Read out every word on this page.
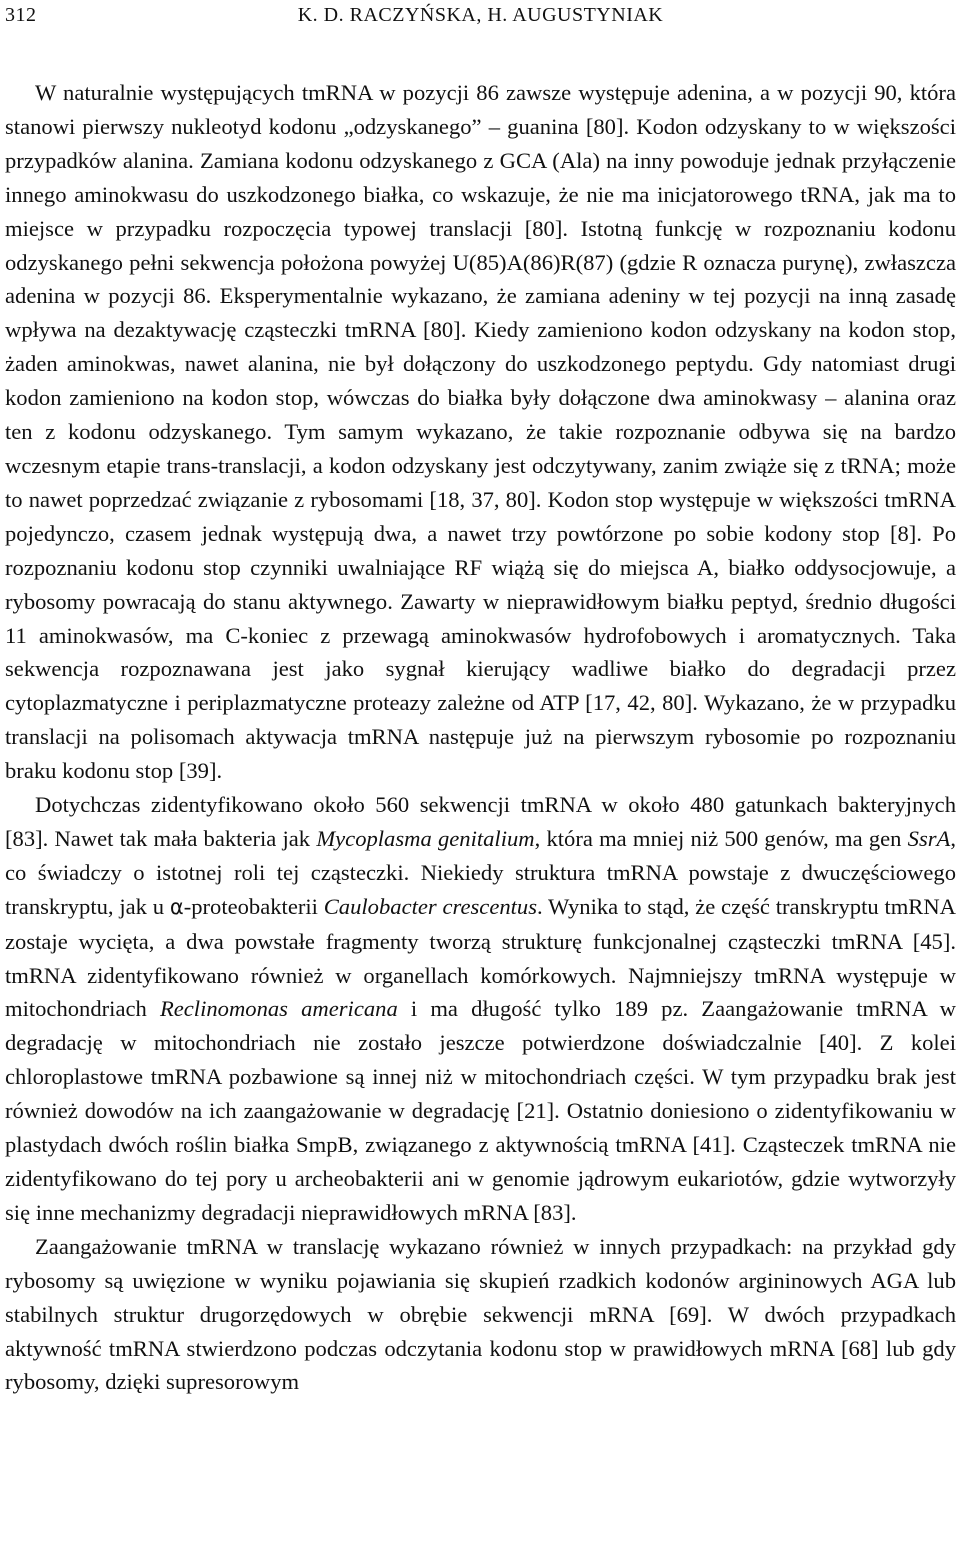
312	K. D. RACZYŃSKA, H. AUGUSTYNIAK

W naturalnie występujących tmRNA w pozycji 86 zawsze występuje adenina, a w pozycji 90, która stanowi pierwszy nukleotyd kodonu „odzyskanego” – guanina [80]. Kodon odzyskany to w większości przypadków alanina. Zamiana kodonu odzyskanego z GCA (Ala) na inny powoduje jednak przyłączenie innego aminokwasu do uszkodzonego białka, co wskazuje, że nie ma inicjatorowego tRNA, jak ma to miejsce w przypadku rozpoczęcia typowej translacji [80]. Istotną funkcję w rozpoznaniu kodonu odzyskanego pełni sekwencja położona powyżej U(85)A(86)R(87) (gdzie R oznacza purynę), zwłaszcza adenina w pozycji 86. Eksperymentalnie wykazano, że zamiana adeniny w tej pozycji na inną zasadę wpływa na dezaktywację cząsteczki tmRNA [80]. Kiedy zamieniono kodon odzyskany na kodon stop, żaden aminokwas, nawet alanina, nie był dołączony do uszkodzonego peptydu. Gdy natomiast drugi kodon zamieniono na kodon stop, wówczas do białka były dołączone dwa aminokwasy – alanina oraz ten z kodonu odzyskanego. Tym samym wykazano, że takie rozpoznanie odbywa się na bardzo wczesnym etapie trans-translacji, a kodon odzyskany jest odczytywany, zanim zwiąże się z tRNA; może to nawet poprzedzać związanie z rybosomami [18, 37, 80]. Kodon stop występuje w większości tmRNA pojedynczo, czasem jednak występują dwa, a nawet trzy powtórzone po sobie kodony stop [8]. Po rozpoznaniu kodonu stop czynniki uwalniające RF wiążą się do miejsca A, białko oddysocjowuje, a rybosomy powracają do stanu aktywnego. Zawarty w nieprawidłowym białku peptyd, średnio długości 11 aminokwasów, ma C-koniec z przewagą aminokwasów hydrofobowych i aromatycznych. Taka sekwencja rozpoznawana jest jako sygnał kierujący wadliwe białko do degradacji przez cytoplazmatyczne i periplazmatyczne proteazy zależne od ATP [17, 42, 80]. Wykazano, że w przypadku translacji na polisomach aktywacja tmRNA następuje już na pierwszym rybosomie po rozpoznaniu braku kodonu stop [39].

Dotychczas zidentyfikowano około 560 sekwencji tmRNA w około 480 gatunkach bakteryjnych [83]. Nawet tak mała bakteria jak Mycoplasma genitalium, która ma mniej niż 500 genów, ma gen SsrA, co świadczy o istotnej roli tej cząsteczki. Niekiedy struktura tmRNA powstaje z dwuczęściowego transkryptu, jak u α-proteobakterii Caulobacter crescentus. Wynika to stąd, że część transkryptu tmRNA zostaje wycięta, a dwa powstałe fragmenty tworzą strukturę funkcjonalnej cząsteczki tmRNA [45]. tmRNA zidentyfikowano również w organellach komórkowych. Najmniejszy tmRNA występuje w mitochondriach Reclinomonas americana i ma długość tylko 189 pz. Zaangażowanie tmRNA w degradację w mitochondriach nie zostało jeszcze potwierdzone doświadczalnie [40]. Z kolei chloroplastowe tmRNA pozbawione są innej niż w mitochondriach części. W tym przypadku brak jest również dowodów na ich zaangażowanie w degradację [21]. Ostatnio doniesiono o zidentyfikowaniu w plastydach dwóch roślin białka SmpB, związanego z aktywnością tmRNA [41]. Cząsteczek tmRNA nie zidentyfikowano do tej pory u archeobakterii ani w genomie jądrowym eukariotów, gdzie wytworzyły się inne mechanizmy degradacji nieprawidłowych mRNA [83].

Zaangażowanie tmRNA w translację wykazano również w innych przypadkach: na przykład gdy rybosomy są uwięzione w wyniku pojawiania się skupień rzadkich kodonów argininowych AGA lub stabilnych struktur drugorzędowych w obrębie sekwencji mRNA [69]. W dwóch przypadkach aktywność tmRNA stwierdzono podczas odczytania kodonu stop w prawidłowych mRNA [68] lub gdy rybosomy, dzięki supresorowym
